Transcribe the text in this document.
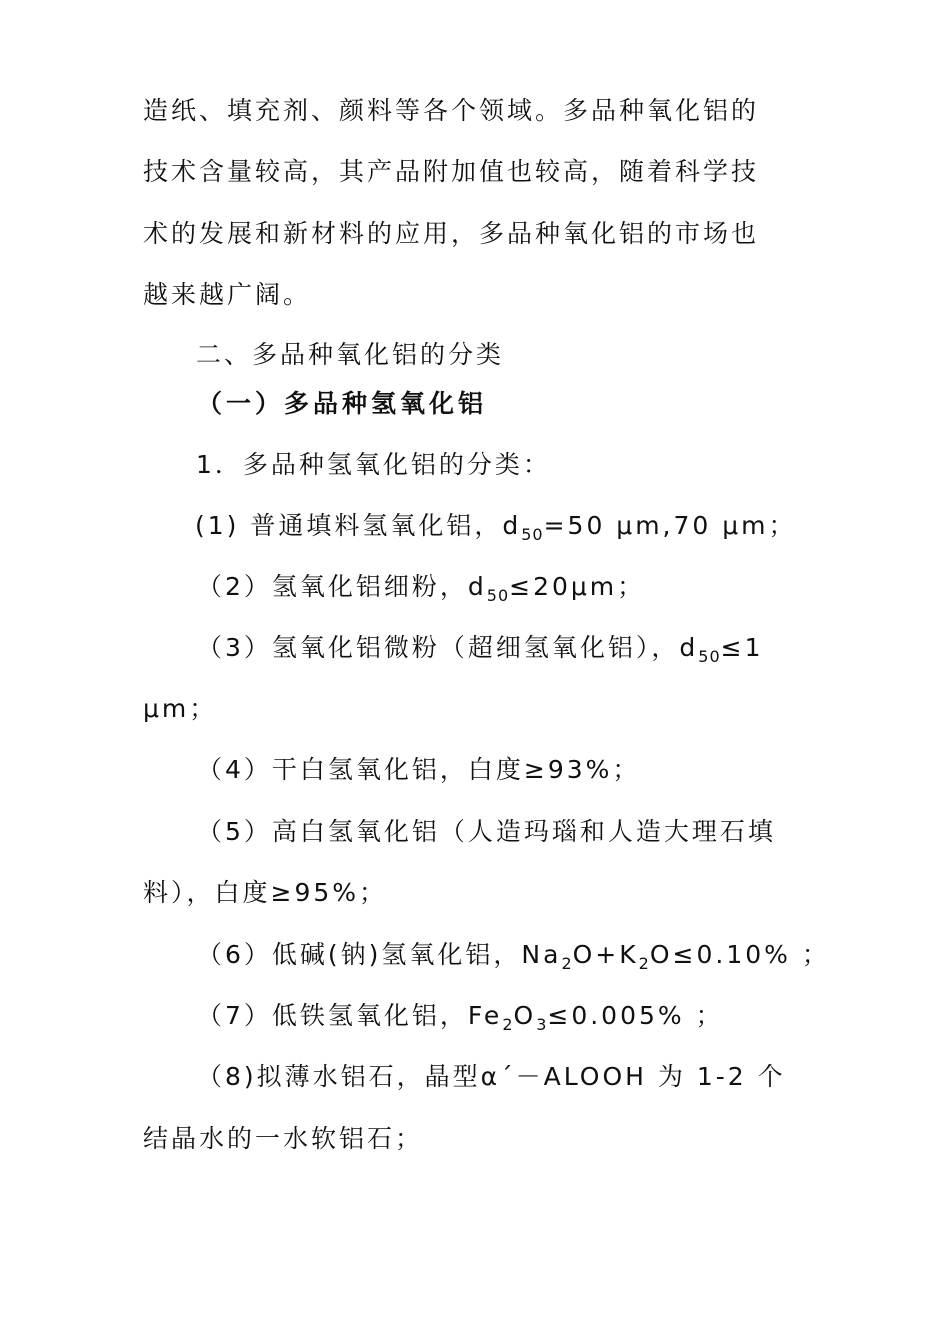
造纸、填充剂、颜料等各个领域。多品种氧化铝的
技术含量较高，其产品附加值也较高，随着科学技
术的发展和新材料的应用，多品种氧化铝的市场也
越来越广阔。
二、多品种氧化铝的分类
（一）多品种氢氧化铝
1．多品种氢氧化铝的分类：
(1) 普通填料氢氧化铝，$d_{50}=50$ μm,70 μm；
（2）氢氧化铝细粉，$d_{50}\le 20\mu m$；
（3）氢氧化铝微粉（超细氢氧化铝），$d_{50}\le 1$
μm；
（4）干白氢氧化铝，白度≥93%；
（5）高白氢氧化铝（人造玛瑙和人造大理石填
料），白度≥95%；
（6）低碱(钠)氢氧化铝，$Na_2O+K_2O\le 0.10\%$ ；
（7）低铁氢氧化铝，$Fe_2O_3\le 0.005\%$ ；
（8)拟薄水铝石，晶型α´－ALOOH 为 1-2 个
结晶水的一水软铝石；
